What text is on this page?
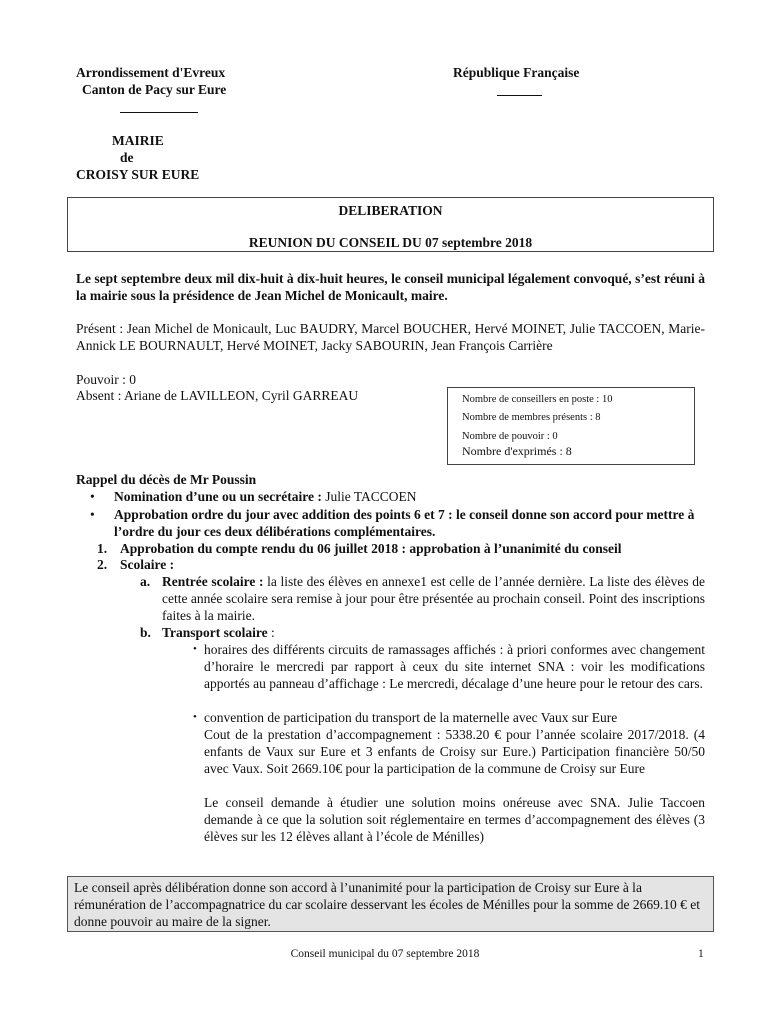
Arrondissement d'Evreux
Canton de Pacy sur Eure
République Française
MAIRIE
de
CROISY SUR EURE
DELIBERATION
REUNION DU CONSEIL DU 07 septembre 2018
Le sept septembre deux mil dix-huit à dix-huit heures, le conseil municipal légalement convoqué, s’est réuni à la mairie sous la présidence de Jean Michel de Monicault, maire.
Présent : Jean Michel de Monicault, Luc BAUDRY, Marcel BOUCHER, Hervé MOINET, Julie TACCOEN, Marie-Annick LE BOURNAULT, Hervé MOINET, Jacky SABOURIN, Jean François Carrière
Pouvoir : 0
Absent : Ariane de LAVILLEON, Cyril GARREAU	Nombre de conseillers en poste : 10
Nombre de membres présents : 8
Nombre de pouvoir : 0
Nombre d'exprimés : 8
Rappel du décès de Mr Poussin
• Nomination d’une ou un secrétaire : Julie TACCOEN
• Approbation ordre du jour avec addition des points 6 et 7 : le conseil donne son accord pour mettre à l’ordre du jour ces deux délibérations complémentaires.
1. Approbation du compte rendu du 06 juillet 2018 : approbation à l’unanimité du conseil
2. Scolaire :
a. Rentrée scolaire : la liste des élèves en annexe1 est celle de l’année dernière. La liste des élèves de cette année scolaire sera remise à jour pour être présentée au prochain conseil. Point des inscriptions faites à la mairie.
b. Transport scolaire :
• horaires des différents circuits de ramassages affichés : à priori conformes avec changement d’horaire le mercredi par rapport à ceux du site internet SNA : voir les modifications apportés au panneau d’affichage : Le mercredi, décalage d’une heure pour le retour des cars.
• convention de participation du transport de la maternelle avec Vaux sur Eure
Cout de la prestation d’accompagnement : 5338.20 € pour l’année scolaire 2017/2018. (4 enfants de Vaux sur Eure et 3 enfants de Croisy sur Eure.) Participation financière 50/50 avec Vaux. Soit 2669.10€ pour la participation de la commune de Croisy sur Eure
Le conseil demande à étudier une solution moins onéreuse avec SNA. Julie Taccoen demande à ce que la solution soit réglementaire en termes d’accompagnement des élèves (3 élèves sur les 12 élèves allant à l’école de Ménilles)
Le conseil après délibération donne son accord à l’unanimité pour la participation de Croisy sur Eure à la rémunération de l’accompagnatrice du car scolaire desservant les écoles de Ménilles pour la somme de 2669.10 € et donne pouvoir au maire de la signer.
Conseil municipal du 07 septembre 2018	1
